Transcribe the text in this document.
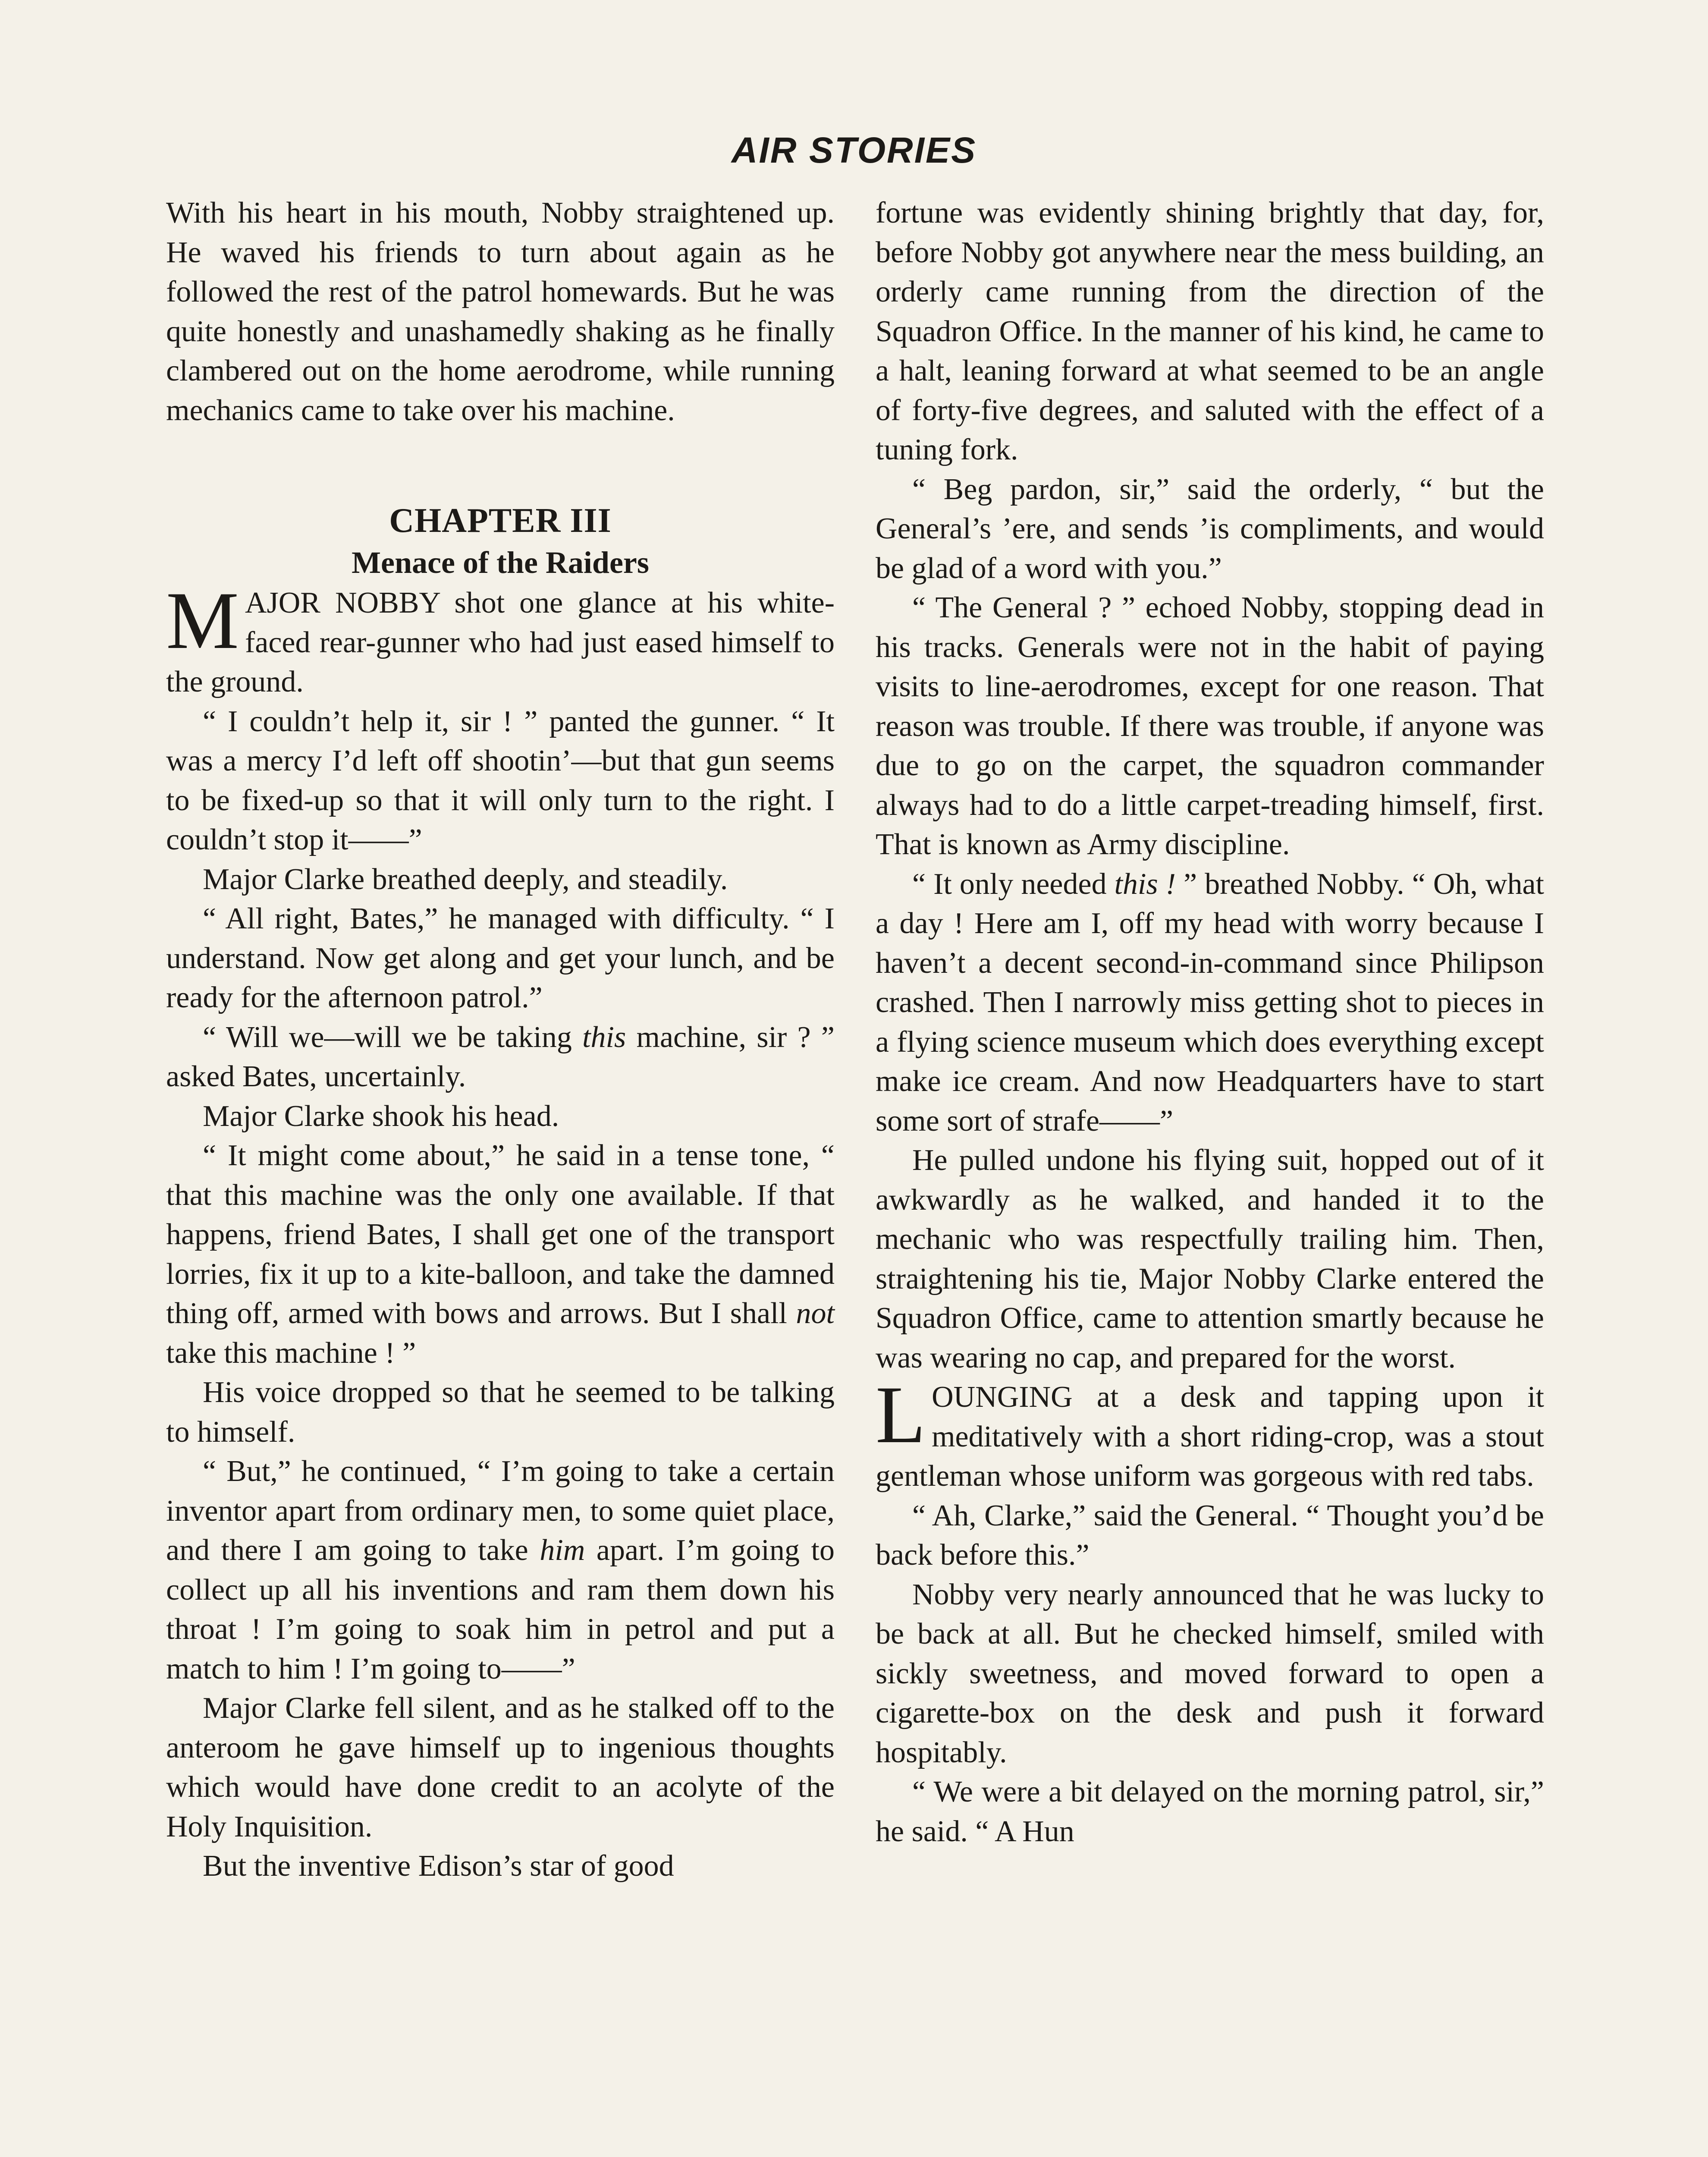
AIR STORIES

With his heart in his mouth, Nobby straightened up. He waved his friends to turn about again as he followed the rest of the patrol homewards. But he was quite honestly and unashamedly shaking as he finally clambered out on the home aerodrome, while running mechanics came to take over his machine.

CHAPTER III
Menace of the Raiders

MAJOR NOBBY shot one glance at his white-faced rear-gunner who had just eased himself to the ground.

“ I couldn’t help it, sir ! ” panted the gunner. “ It was a mercy I’d left off shootin’—but that gun seems to be fixed-up so that it will only turn to the right. I couldn’t stop it——”

Major Clarke breathed deeply, and steadily.

“ All right, Bates,” he managed with difficulty. “ I understand. Now get along and get your lunch, and be ready for the afternoon patrol.”

“ Will we—will we be taking this machine, sir ? ” asked Bates, uncertainly.

Major Clarke shook his head.

“ It might come about,” he said in a tense tone, “ that this machine was the only one available. If that happens, friend Bates, I shall get one of the transport lorries, fix it up to a kite-balloon, and take the damned thing off, armed with bows and arrows. But I shall not take this machine ! ”

His voice dropped so that he seemed to be talking to himself.

“ But,” he continued, “ I’m going to take a certain inventor apart from ordinary men, to some quiet place, and there I am going to take him apart. I’m going to collect up all his inventions and ram them down his throat ! I’m going to soak him in petrol and put a match to him ! I’m going to——”

Major Clarke fell silent, and as he stalked off to the anteroom he gave himself up to ingenious thoughts which would have done credit to an acolyte of the Holy Inquisition.

But the inventive Edison’s star of good

fortune was evidently shining brightly that day, for, before Nobby got anywhere near the mess building, an orderly came running from the direction of the Squadron Office. In the manner of his kind, he came to a halt, leaning forward at what seemed to be an angle of forty-five degrees, and saluted with the effect of a tuning fork.

“ Beg pardon, sir,” said the orderly, “ but the General’s ’ere, and sends ’is compliments, and would be glad of a word with you.”

“ The General ? ” echoed Nobby, stopping dead in his tracks. Generals were not in the habit of paying visits to line-aerodromes, except for one reason. That reason was trouble. If there was trouble, if anyone was due to go on the carpet, the squadron commander always had to do a little carpet-treading himself, first. That is known as Army discipline.

“ It only needed this ! ” breathed Nobby. “ Oh, what a day ! Here am I, off my head with worry because I haven’t a decent second-in-command since Philipson crashed. Then I narrowly miss getting shot to pieces in a flying science museum which does everything except make ice cream. And now Headquarters have to start some sort of strafe——”

He pulled undone his flying suit, hopped out of it awkwardly as he walked, and handed it to the mechanic who was respectfully trailing him. Then, straightening his tie, Major Nobby Clarke entered the Squadron Office, came to attention smartly because he was wearing no cap, and prepared for the worst.

LOUNGING at a desk and tapping upon it meditatively with a short riding-crop, was a stout gentleman whose uniform was gorgeous with red tabs.

“ Ah, Clarke,” said the General. “ Thought you’d be back before this.”

Nobby very nearly announced that he was lucky to be back at all. But he checked himself, smiled with sickly sweetness, and moved forward to open a cigarette-box on the desk and push it forward hospitably.

“ We were a bit delayed on the morning patrol, sir,” he said. “ A Hun
